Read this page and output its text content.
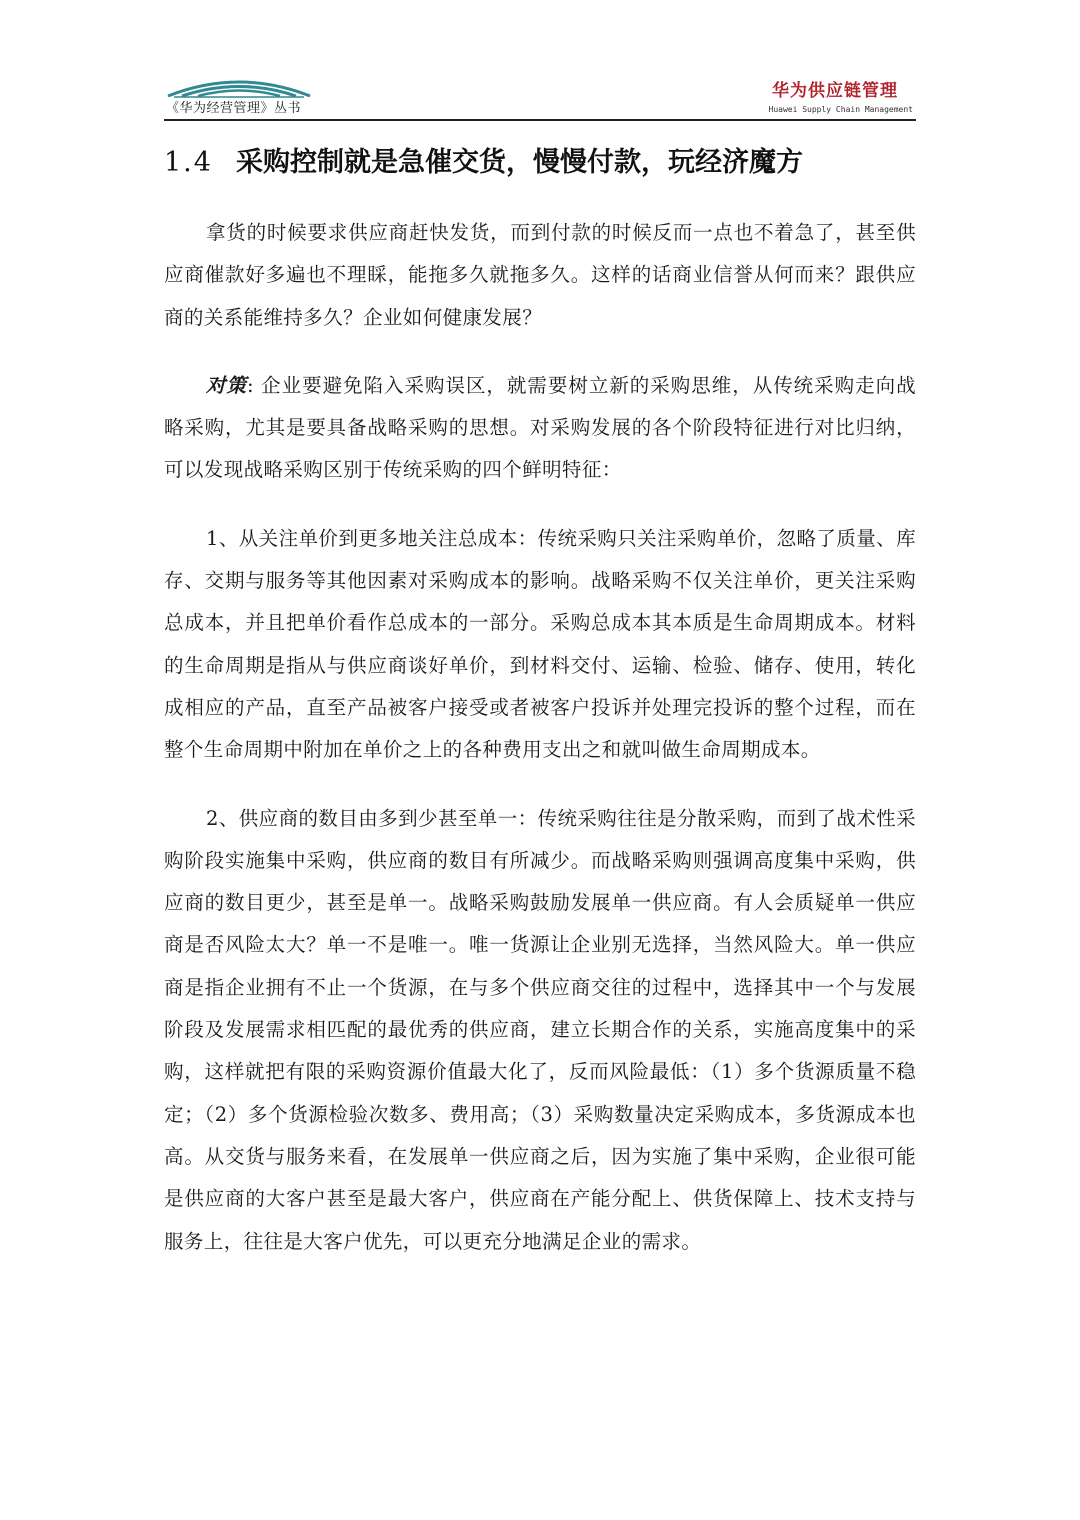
《华为经营管理》丛书
华为供应链管理
Huawei Supply Chain Management
1.4 采购控制就是急催交货，慢慢付款，玩经济魔方

拿货的时候要求供应商赶快发货，而到付款的时候反而一点也不着急了，甚至供应商催款好多遍也不理睬，能拖多久就拖多久。这样的话商业信誉从何而来？跟供应商的关系能维持多久？企业如何健康发展？

对策: 企业要避免陷入采购误区，就需要树立新的采购思维，从传统采购走向战略采购，尤其是要具备战略采购的思想。对采购发展的各个阶段特征进行对比归纳，可以发现战略采购区别于传统采购的四个鲜明特征：

1、从关注单价到更多地关注总成本：传统采购只关注采购单价，忽略了质量、库存、交期与服务等其他因素对采购成本的影响。战略采购不仅关注单价，更关注采购总成本，并且把单价看作总成本的一部分。采购总成本其本质是生命周期成本。材料的生命周期是指从与供应商谈好单价，到材料交付、运输、检验、储存、使用，转化成相应的产品，直至产品被客户接受或者被客户投诉并处理完投诉的整个过程，而在整个生命周期中附加在单价之上的各种费用支出之和就叫做生命周期成本。

2、供应商的数目由多到少甚至单一：传统采购往往是分散采购，而到了战术性采购阶段实施集中采购，供应商的数目有所减少。而战略采购则强调高度集中采购，供应商的数目更少，甚至是单一。战略采购鼓励发展单一供应商。有人会质疑单一供应商是否风险太大？单一不是唯一。唯一货源让企业别无选择，当然风险大。单一供应商是指企业拥有不止一个货源，在与多个供应商交往的过程中，选择其中一个与发展阶段及发展需求相匹配的最优秀的供应商，建立长期合作的关系，实施高度集中的采购，这样就把有限的采购资源价值最大化了，反而风险最低：（1）多个货源质量不稳定；（2）多个货源检验次数多、费用高；（3）采购数量决定采购成本，多货源成本也高。从交货与服务来看，在发展单一供应商之后，因为实施了集中采购，企业很可能是供应商的大客户甚至是最大客户，供应商在产能分配上、供货保障上、技术支持与服务上，往往是大客户优先，可以更充分地满足企业的需求。
